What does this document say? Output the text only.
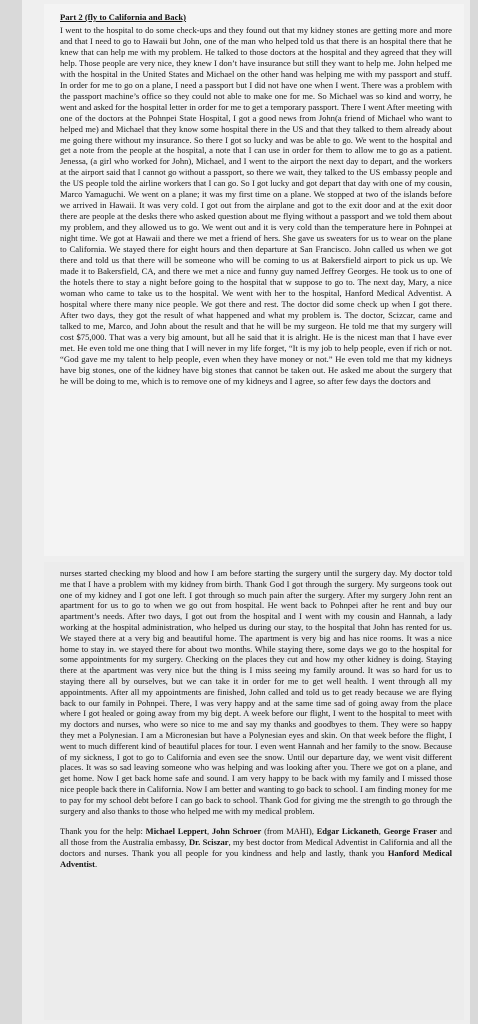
Part 2 (fly to California and Back)

I went to the hospital to do some check-ups and they found out that my kidney stones are getting more and more and that I need to go to Hawaii but John, one of the man who helped told us that there is an hospital there that he knew that can help me with my problem. He talked to those doctors at the hospital and they agreed that they will help. Those people are very nice, they knew I don’t have insurance but still they want to help me. John helped me with the hospital in the United States and Michael on the other hand was helping me with my passport and stuff. In order for me to go on a plane, I need a passport but I did not have one when I went. There was a problem with the passport machine’s office so they could not able to make one for me. So Michael was so kind and worry, he went and asked for the hospital letter in order for me to get a temporary passport. There I went After meeting with one of the doctors at the Pohnpei State Hospital, I got a good news from John(a friend of Michael who want to helped me) and Michael that they know some hospital there in the US and that they talked to them already about me going there without my insurance. So there I got so lucky and was be able to go. We went to the hospital and get a note from the people at the hospital, a note that I can use in order for them to allow me to go as a patient. Jenessa, (a girl who worked for John), Michael, and I went to the airport the next day to depart, and the workers at the airport said that I cannot go without a passport, so there we wait, they talked to the US embassy people and the US people told the airline workers that I can go. So I got lucky and got depart that day with one of my cousin, Marco Yamaguchi. We went on a plane; it was my first time on a plane. We stopped at two of the islands before we arrived in Hawaii. It was very cold. I got out from the airplane and got to the exit door and at the exit door there are people at the desks there who asked question about me flying without a passport and we told them about my problem, and they allowed us to go. We went out and it is very cold than the temperature here in Pohnpei at night time. We got at Hawaii and there we met a friend of hers. She gave us sweaters for us to wear on the plane to California. We stayed there for eight hours and then departure at San Francisco. John called us when we got there and told us that there will be someone who will be coming to us at Bakersfield airport to pick us up. We made it to Bakersfield, CA, and there we met a nice and funny guy named Jeffrey Georges. He took us to one of the hotels there to stay a night before going to the hospital that w suppose to go to. The next day, Mary, a nice woman who came to take us to the hospital. We went with her to the hospital, Hanford Medical Adventist. A hospital where there many nice people. We got there and rest. The doctor did some check up when I got there. After two days, they got the result of what happened and what my problem is. The doctor, Scizcar, came and talked to me, Marco, and John about the result and that he will be my surgeon. He told me that my surgery will cost $75,000. That was a very big amount, but all he said that it is alright. He is the nicest man that I have ever met. He even told me one thing that I will never in my life forget, “It is my job to help people, even if rich or not. “God gave me my talent to help people, even when they have money or not.” He even told me that my kidneys have big stones, one of the kidney have big stones that cannot be taken out. He asked me about the surgery that he will be doing to me, which is to remove one of my kidneys and I agree, so after few days the doctors and

nurses started checking my blood and how I am before starting the surgery until the surgery day. My doctor told me that I have a problem with my kidney from birth. Thank God I got through the surgery. My surgeons took out one of my kidney and I got one left. I got through so much pain after the surgery. After my surgery John rent an apartment for us to go to when we go out from hospital. He went back to Pohnpei after he rent and buy our apartment’s needs. After two days, I got out from the hospital and I went with my cousin and Hannah, a lady working at the hospital administration, who helped us during our stay, to the hospital that John has rented for us. We stayed there at a very big and beautiful home. The apartment is very big and has nice rooms. It was a nice home to stay in. we stayed there for about two months. While staying there, some days we go to the hospital for some appointments for my surgery. Checking on the places they cut and how my other kidney is doing. Staying there at the apartment was very nice but the thing is I miss seeing my family around. It was so hard for us to staying there all by ourselves, but we can take it in order for me to get well health. I went through all my appointments. After all my appointments are finished, John called and told us to get ready because we are flying back to our family in Pohnpei. There, I was very happy and at the same time sad of going away from the place where I got healed or going away from my big dept. A week before our flight, I went to the hospital to meet with my doctors and nurses, who were so nice to me and say my thanks and goodbyes to them. They were so happy they met a Polynesian. I am a Micronesian but have a Polynesian eyes and skin. On that week before the flight, I went to much different kind of beautiful places for tour. I even went Hannah and her family to the snow. Because of my sickness, I got to go to California and even see the snow. Until our departure day, we went visit different places. It was so sad leaving someone who was helping and was looking after you. There we got on a plane, and get home. Now I get back home safe and sound. I am very happy to be back with my family and I missed those nice people back there in California. Now I am better and wanting to go back to school. I am finding money for me to pay for my school debt before I can go back to school. Thank God for giving me the strength to go through the surgery and also thanks to those who helped me with my medical problem.

Thank you for the help: Michael Leppert, John Schroer (from MAHI), Edgar Lickaneth, George Fraser and all those from the Australia embassy, Dr. Sciszar, my best doctor from Medical Adventist in California and all the doctors and nurses. Thank you all people for you kindness and help and lastly, thank you Hanford Medical Adventist.
